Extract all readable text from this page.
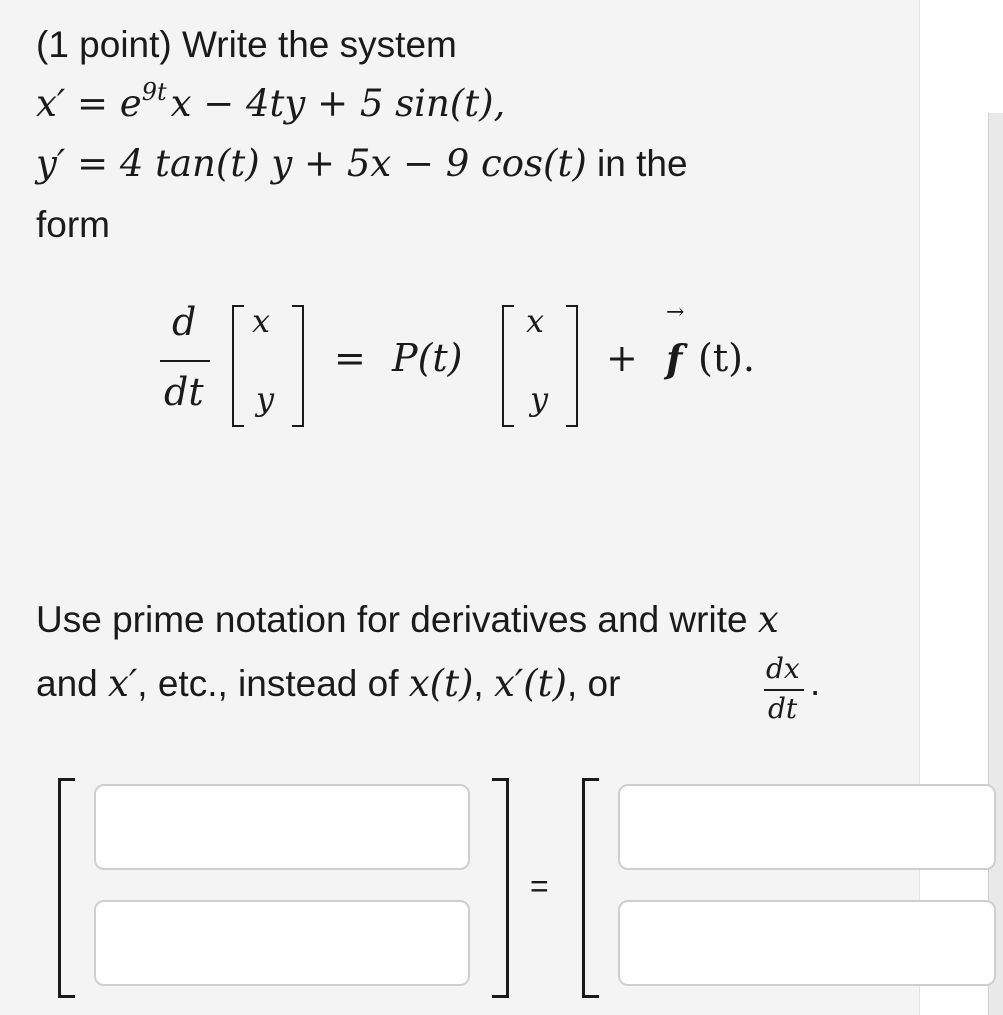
(1 point) Write the system
$x' = e^{9t}$ x − 4ty + 5 sin(t),
y′ = 4 tan(t) y + 5x − 9 cos(t) in the
form
d
dt
x
y
= P(t)
x
y
+
→
f (t).
Use prime notation for derivatives and write x
and x′, etc., instead of x(t), x′(t), or	dx
dt
.
=
